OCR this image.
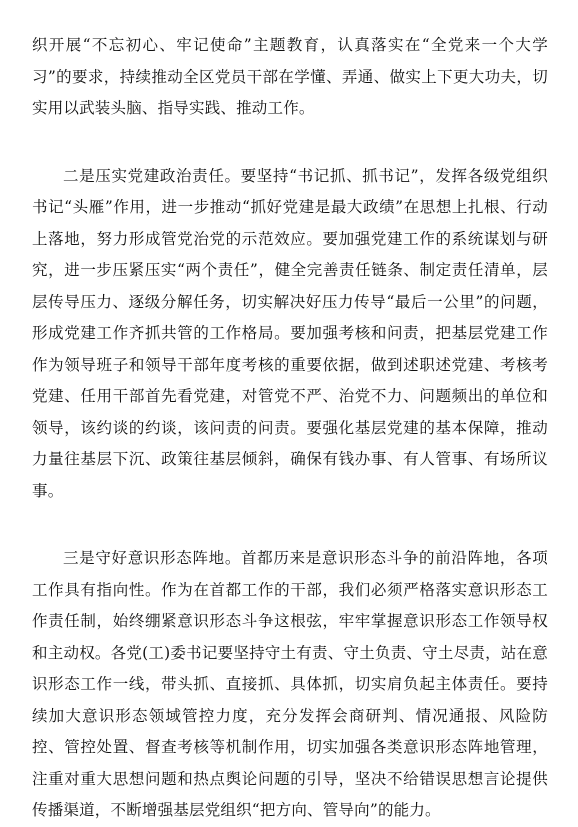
织开展“不忘初心、牢记使命”主题教育，认真落实在“全党来一个大学习”的要求，持续推动全区党员干部在学懂、弄通、做实上下更大功夫，切实用以武装头脑、指导实践、推动工作。

二是压实党建政治责任。要坚持“书记抓、抓书记”，发挥各级党组织书记“头雁”作用，进一步推动“抓好党建是最大政绩”在思想上扎根、行动上落地，努力形成管党治党的示范效应。要加强党建工作的系统谋划与研究，进一步压紧压实“两个责任”，健全完善责任链条、制定责任清单，层层传导压力、逐级分解任务，切实解决好压力传导“最后一公里”的问题，形成党建工作齐抓共管的工作格局。要加强考核和问责，把基层党建工作作为领导班子和领导干部年度考核的重要依据，做到述职述党建、考核考党建、任用干部首先看党建，对管党不严、治党不力、问题频出的单位和领导，该约谈的约谈，该问责的问责。要强化基层党建的基本保障，推动力量往基层下沉、政策往基层倾斜，确保有钱办事、有人管事、有场所议事。

三是守好意识形态阵地。首都历来是意识形态斗争的前沿阵地，各项工作具有指向性。作为在首都工作的干部，我们必须严格落实意识形态工作责任制，始终绷紧意识形态斗争这根弦，牢牢掌握意识形态工作领导权和主动权。各党(工)委书记要坚持守土有责、守土负责、守土尽责，站在意识形态工作一线，带头抓、直接抓、具体抓，切实肩负起主体责任。要持续加大意识形态领域管控力度，充分发挥会商研判、情况通报、风险防控、管控处置、督查考核等机制作用，切实加强各类意识形态阵地管理，注重对重大思想问题和热点舆论问题的引导，坚决不给错误思想言论提供传播渠道，不断增强基层党组织“把方向、管导向”的能力。
